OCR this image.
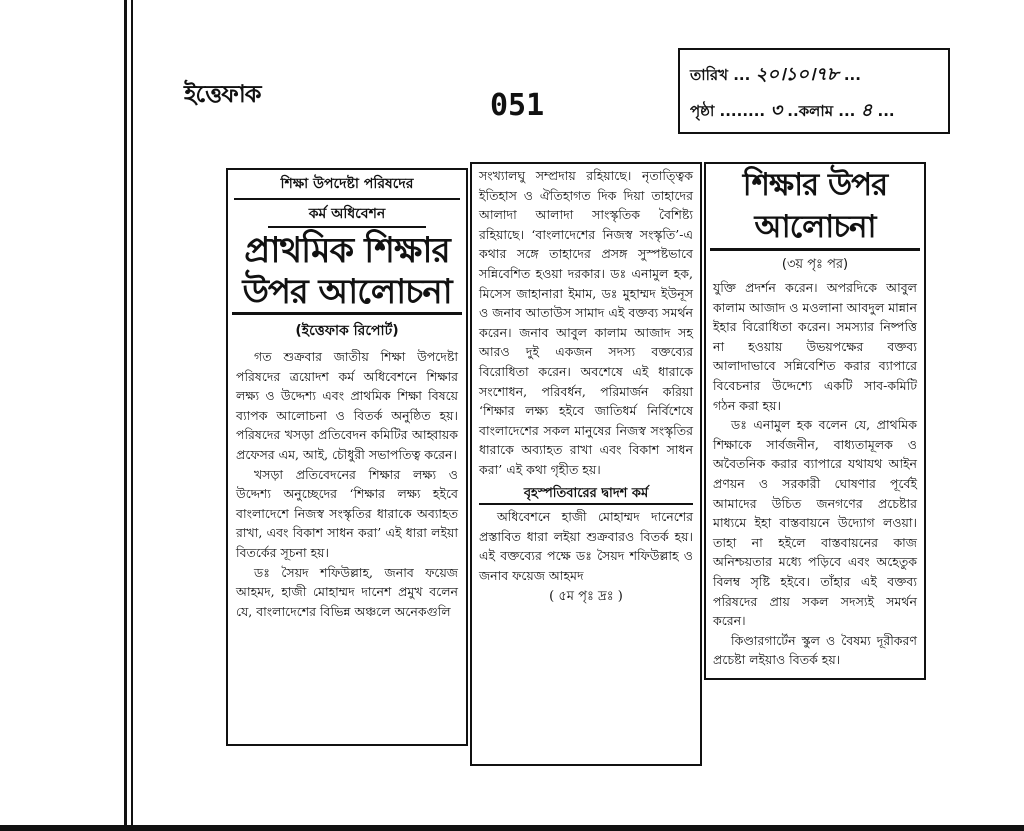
ইত্তেফাক	051
তারিখ ... ২০।১০।৭৮ ...
পৃষ্ঠা ........ ৩ ..কলাম ... ৪ ...
শিক্ষা উপদেষ্টা পরিষদের
কর্ম অধিবেশন
প্রাথমিক শিক্ষার
উপর আলোচনা
(ইত্তেফাক রিপোর্ট)

গত শুক্রবার জাতীয় শিক্ষা উপদেষ্টা পরিষদের ত্রয়োদশ কর্ম অধিবেশনে শিক্ষার লক্ষ্য ও উদ্দেশ্য এবং প্রাথমিক শিক্ষা বিষয়ে ব্যাপক আলোচনা ও বিতর্ক অনুষ্ঠিত হয়। পরিষদের খসড়া প্রতিবেদন কমিটির আহ্বায়ক প্রফেসর এম, আই, চৌধুরী সভাপতিত্ব করেন।

খসড়া প্রতিবেদনের শিক্ষার লক্ষ্য ও উদ্দেশ্য অনুচ্ছেদের ‘শিক্ষার লক্ষ্য হইবে বাংলাদেশে নিজস্ব সংস্কৃতির ধারাকে অব্যাহত রাখা, এবং বিকাশ সাধন করা’ এই ধারা লইয়া বিতর্কের সূচনা হয়।

ডঃ সৈয়দ শফিউল্লাহ, জনাব ফয়েজ আহমদ, হাজী মোহাম্মদ দানেশ প্রমুখ বলেন যে, বাংলাদেশের বিভিন্ন অঞ্চলে অনেকগুলি

সংখ্যালঘু সম্প্রদায় রহিয়াছে। নৃতাত্ত্বিক ইতিহাস ও ঐতিহাগত দিক দিয়া তাহাদের আলাদা আলাদা সাংস্কৃতিক বৈশিষ্ট্য রহিয়াছে। ‘বাংলাদেশের নিজস্ব সংস্কৃতি’-এ কথার সঙ্গে তাহাদের প্রসঙ্গ সুস্পষ্টভাবে সন্নিবেশিত হওয়া দরকার। ডঃ এনামুল হক, মিসেস জাহানারা ইমাম, ডঃ মুহাম্মদ ইউনূস ও জনাব আতাউস সামাদ এই বক্তব্য সমর্থন করেন। জনাব আবুল কালাম আজাদ সহ আরও দুই একজন সদস্য বক্তব্যের বিরোধিতা করেন। অবশেষে এই ধারাকে সংশোধন, পরিবর্ধন, পরিমার্জন করিয়া ‘শিক্ষার লক্ষ্য হইবে জাতিধর্ম নির্বিশেষে বাংলাদেশের সকল মানুষের নিজস্ব সংস্কৃতির ধারাকে অব্যাহত রাখা এবং বিকাশ সাধন করা’ এই কথা গৃহীত হয়।

বৃহস্পতিবারের দ্বাদশ কর্ম

অধিবেশনে হাজী মোহাম্মদ দানেশের প্রস্তাবিত ধারা লইয়া শুক্রবারও বিতর্ক হয়। এই বক্তব্যের পক্ষে ডঃ সৈয়দ শফিউল্লাহ ও জনাব ফয়েজ আহমদ

( ৫ম পৃঃ দ্রঃ )
শিক্ষার উপর আলোচনা
(৩য় পৃঃ পর)

যুক্তি প্রদর্শন করেন। অপরদিকে আবুল কালাম আজাদ ও মওলানা আবদুল মান্নান ইহার বিরোধিতা করেন। সমস্যার নিষ্পত্তি না হওয়ায় উভয়পক্ষের বক্তব্য আলাদাভাবে সন্নিবেশিত করার ব্যাপারে বিবেচনার উদ্দেশ্যে একটি সাব-কমিটি গঠন করা হয়।

ডঃ এনামুল হক বলেন যে, প্রাথমিক শিক্ষাকে সার্বজনীন, বাধ্যতামূলক ও অবৈতনিক করার ব্যাপারে যথাযথ আইন প্রণয়ন ও সরকারী ঘোষণার পূর্বেই আমাদের উচিত জনগণের প্রচেষ্টার মাধ্যমে ইহা বাস্তবায়নে উদ্যোগ লওয়া। তাহা না হইলে বাস্তবায়নের কাজ অনিশ্চয়তার মধ্যে পড়িবে এবং অহেতুক বিলম্ব সৃষ্টি হইবে। তাঁহার এই বক্তব্য পরিষদের প্রায় সকল সদস্যই সমর্থন করেন।

কিণ্ডারগার্টেন স্কুল ও বৈষম্য দূরীকরণ প্রচেষ্টা লইয়াও বিতর্ক হয়।
